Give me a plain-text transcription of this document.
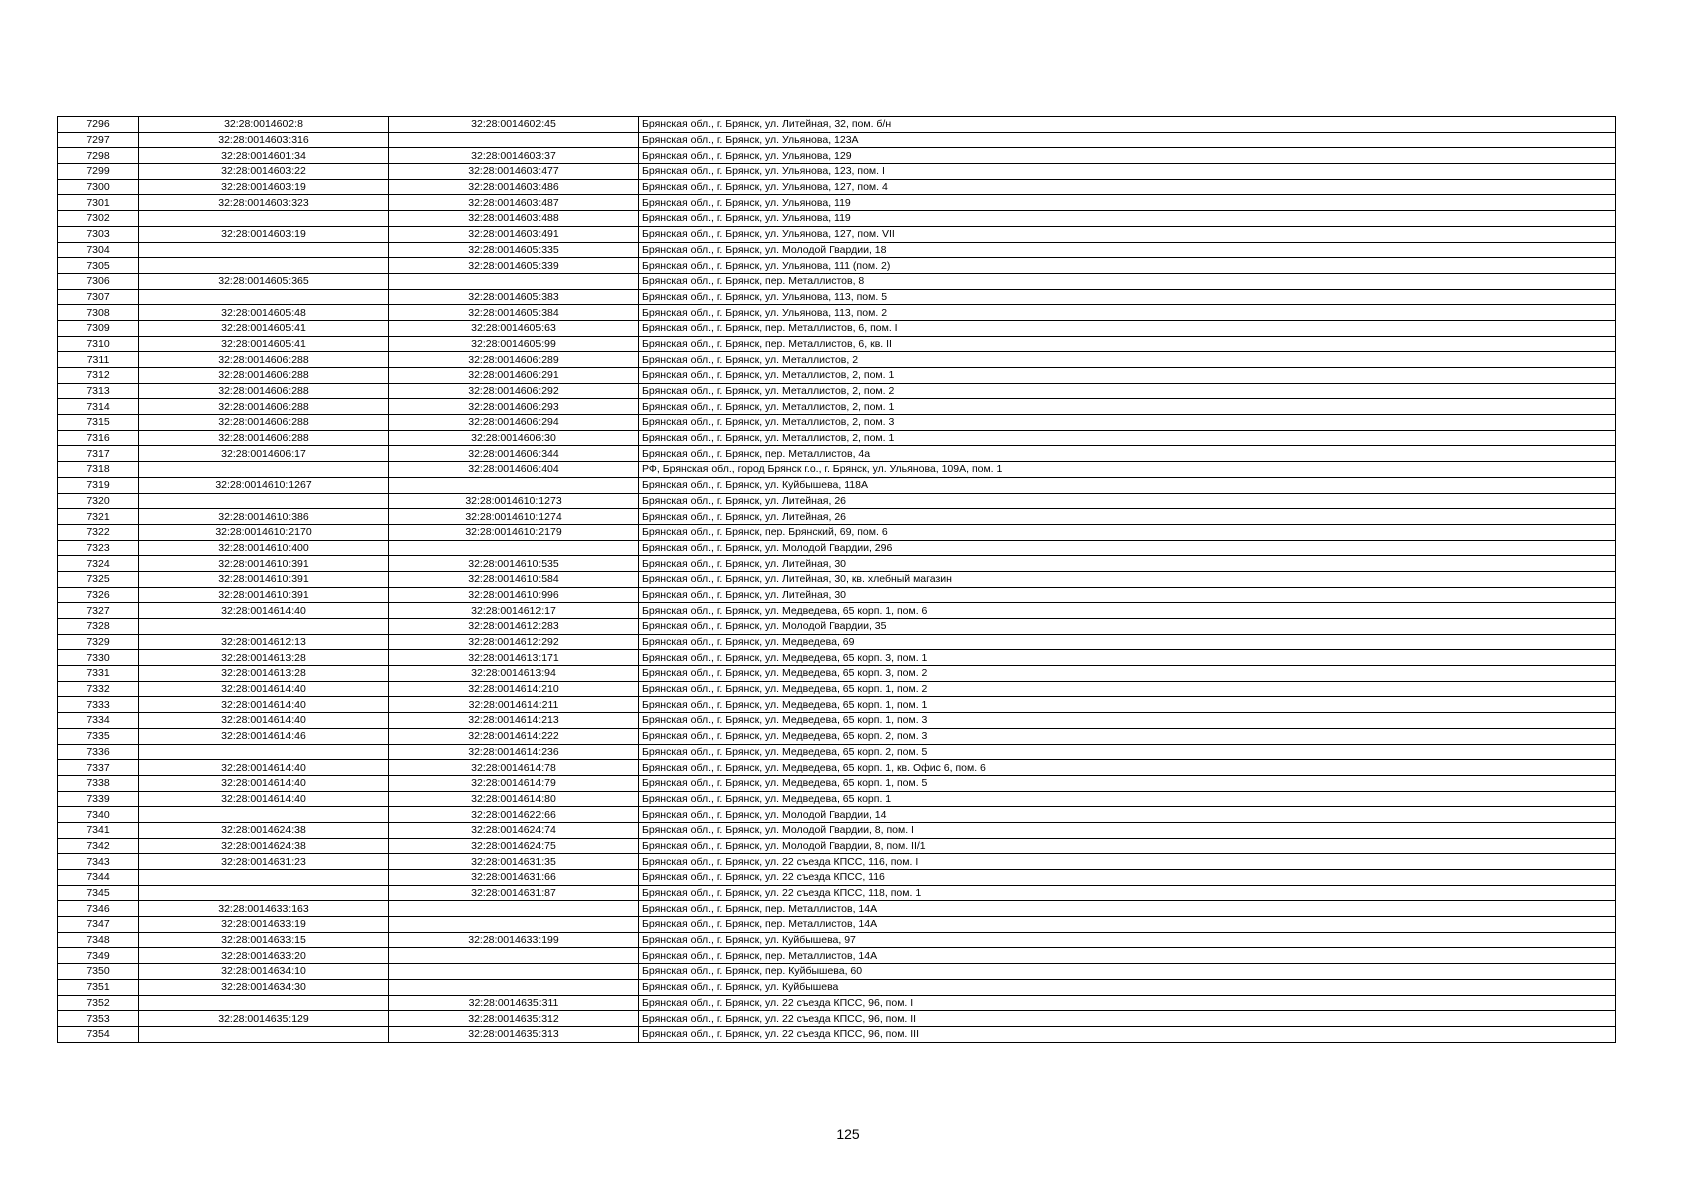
7296	32:28:0014602:8	32:28:0014602:45	Брянская обл., г. Брянск, ул. Литейная, 32, пом. б/н
7297	32:28:0014603:316		Брянская обл., г. Брянск, ул. Ульянова, 123А
7298	32:28:0014601:34	32:28:0014603:37	Брянская обл., г. Брянск, ул. Ульянова, 129
7299	32:28:0014603:22	32:28:0014603:477	Брянская обл., г. Брянск, ул. Ульянова, 123, пом. I
7300	32:28:0014603:19	32:28:0014603:486	Брянская обл., г. Брянск, ул. Ульянова, 127, пом. 4
7301	32:28:0014603:323	32:28:0014603:487	Брянская обл., г. Брянск, ул. Ульянова, 119
7302		32:28:0014603:488	Брянская обл., г. Брянск, ул. Ульянова, 119
7303	32:28:0014603:19	32:28:0014603:491	Брянская обл., г. Брянск, ул. Ульянова, 127, пом. VII
7304		32:28:0014605:335	Брянская обл., г. Брянск, ул. Молодой Гвардии, 18
7305		32:28:0014605:339	Брянская обл., г. Брянск, ул. Ульянова, 111 (пом. 2)
7306	32:28:0014605:365		Брянская обл., г. Брянск, пер. Металлистов, 8
7307		32:28:0014605:383	Брянская обл., г. Брянск, ул. Ульянова, 113, пом. 5
7308	32:28:0014605:48	32:28:0014605:384	Брянская обл., г. Брянск, ул. Ульянова, 113, пом. 2
7309	32:28:0014605:41	32:28:0014605:63	Брянская обл., г. Брянск, пер. Металлистов, 6, пом. I
7310	32:28:0014605:41	32:28:0014605:99	Брянская обл., г. Брянск, пер. Металлистов, 6, кв. II
7311	32:28:0014606:288	32:28:0014606:289	Брянская обл., г. Брянск, ул. Металлистов, 2
7312	32:28:0014606:288	32:28:0014606:291	Брянская обл., г. Брянск, ул. Металлистов, 2, пом. 1
7313	32:28:0014606:288	32:28:0014606:292	Брянская обл., г. Брянск, ул. Металлистов, 2, пом. 2
7314	32:28:0014606:288	32:28:0014606:293	Брянская обл., г. Брянск, ул. Металлистов, 2, пом. 1
7315	32:28:0014606:288	32:28:0014606:294	Брянская обл., г. Брянск, ул. Металлистов, 2, пом. 3
7316	32:28:0014606:288	32:28:0014606:30	Брянская обл., г. Брянск, ул. Металлистов, 2, пом. 1
7317	32:28:0014606:17	32:28:0014606:344	Брянская обл., г. Брянск, пер. Металлистов, 4а
7318		32:28:0014606:404	РФ, Брянская обл., город Брянск г.о., г. Брянск, ул. Ульянова, 109А, пом. 1
7319	32:28:0014610:1267		Брянская обл., г. Брянск, ул. Куйбышева, 118А
7320		32:28:0014610:1273	Брянская обл., г. Брянск, ул. Литейная, 26
7321	32:28:0014610:386	32:28:0014610:1274	Брянская обл., г. Брянск, ул. Литейная, 26
7322	32:28:0014610:2170	32:28:0014610:2179	Брянская обл., г. Брянск, пер. Брянский, 69, пом. 6
7323	32:28:0014610:400		Брянская обл., г. Брянск, ул. Молодой Гвардии, 296
7324	32:28:0014610:391	32:28:0014610:535	Брянская обл., г. Брянск, ул. Литейная, 30
7325	32:28:0014610:391	32:28:0014610:584	Брянская обл., г. Брянск, ул. Литейная, 30, кв. хлебный магазин
7326	32:28:0014610:391	32:28:0014610:996	Брянская обл., г. Брянск, ул. Литейная, 30
7327	32:28:0014614:40	32:28:0014612:17	Брянская обл., г. Брянск, ул. Медведева, 65 корп. 1, пом. 6
7328		32:28:0014612:283	Брянская обл., г. Брянск, ул. Молодой Гвардии, 35
7329	32:28:0014612:13	32:28:0014612:292	Брянская обл., г. Брянск, ул. Медведева, 69
7330	32:28:0014613:28	32:28:0014613:171	Брянская обл., г. Брянск, ул. Медведева, 65 корп. 3, пом. 1
7331	32:28:0014613:28	32:28:0014613:94	Брянская обл., г. Брянск, ул. Медведева, 65 корп. 3, пом. 2
7332	32:28:0014614:40	32:28:0014614:210	Брянская обл., г. Брянск, ул. Медведева, 65 корп. 1, пом. 2
7333	32:28:0014614:40	32:28:0014614:211	Брянская обл., г. Брянск, ул. Медведева, 65 корп. 1, пом. 1
7334	32:28:0014614:40	32:28:0014614:213	Брянская обл., г. Брянск, ул. Медведева, 65 корп. 1, пом. 3
7335	32:28:0014614:46	32:28:0014614:222	Брянская обл., г. Брянск, ул. Медведева, 65 корп. 2, пом. 3
7336		32:28:0014614:236	Брянская обл., г. Брянск, ул. Медведева, 65 корп. 2, пом. 5
7337	32:28:0014614:40	32:28:0014614:78	Брянская обл., г. Брянск, ул. Медведева, 65 корп. 1, кв. Офис 6, пом. 6
7338	32:28:0014614:40	32:28:0014614:79	Брянская обл., г. Брянск, ул. Медведева, 65 корп. 1, пом. 5
7339	32:28:0014614:40	32:28:0014614:80	Брянская обл., г. Брянск, ул. Медведева, 65 корп. 1
7340		32:28:0014622:66	Брянская обл., г. Брянск, ул. Молодой Гвардии, 14
7341	32:28:0014624:38	32:28:0014624:74	Брянская обл., г. Брянск, ул. Молодой Гвардии, 8, пом. I
7342	32:28:0014624:38	32:28:0014624:75	Брянская обл., г. Брянск, ул. Молодой Гвардии, 8, пом. II/1
7343	32:28:0014631:23	32:28:0014631:35	Брянская обл., г. Брянск, ул. 22 съезда КПСС, 116, пом. I
7344		32:28:0014631:66	Брянская обл., г. Брянск, ул. 22 съезда КПСС, 116
7345		32:28:0014631:87	Брянская обл., г. Брянск, ул. 22 съезда КПСС, 118, пом. 1
7346	32:28:0014633:163		Брянская обл., г. Брянск, пер. Металлистов, 14А
7347	32:28:0014633:19		Брянская обл., г. Брянск, пер. Металлистов, 14А
7348	32:28:0014633:15	32:28:0014633:199	Брянская обл., г. Брянск, ул. Куйбышева, 97
7349	32:28:0014633:20		Брянская обл., г. Брянск, пер. Металлистов, 14А
7350	32:28:0014634:10		Брянская обл., г. Брянск, пер. Куйбышева, 60
7351	32:28:0014634:30		Брянская обл., г. Брянск, ул. Куйбышева
7352		32:28:0014635:311	Брянская обл., г. Брянск, ул. 22 съезда КПСС, 96, пом. I
7353	32:28:0014635:129	32:28:0014635:312	Брянская обл., г. Брянск, ул. 22 съезда КПСС, 96, пом. II
7354		32:28:0014635:313	Брянская обл., г. Брянск, ул. 22 съезда КПСС, 96, пом. III
125
